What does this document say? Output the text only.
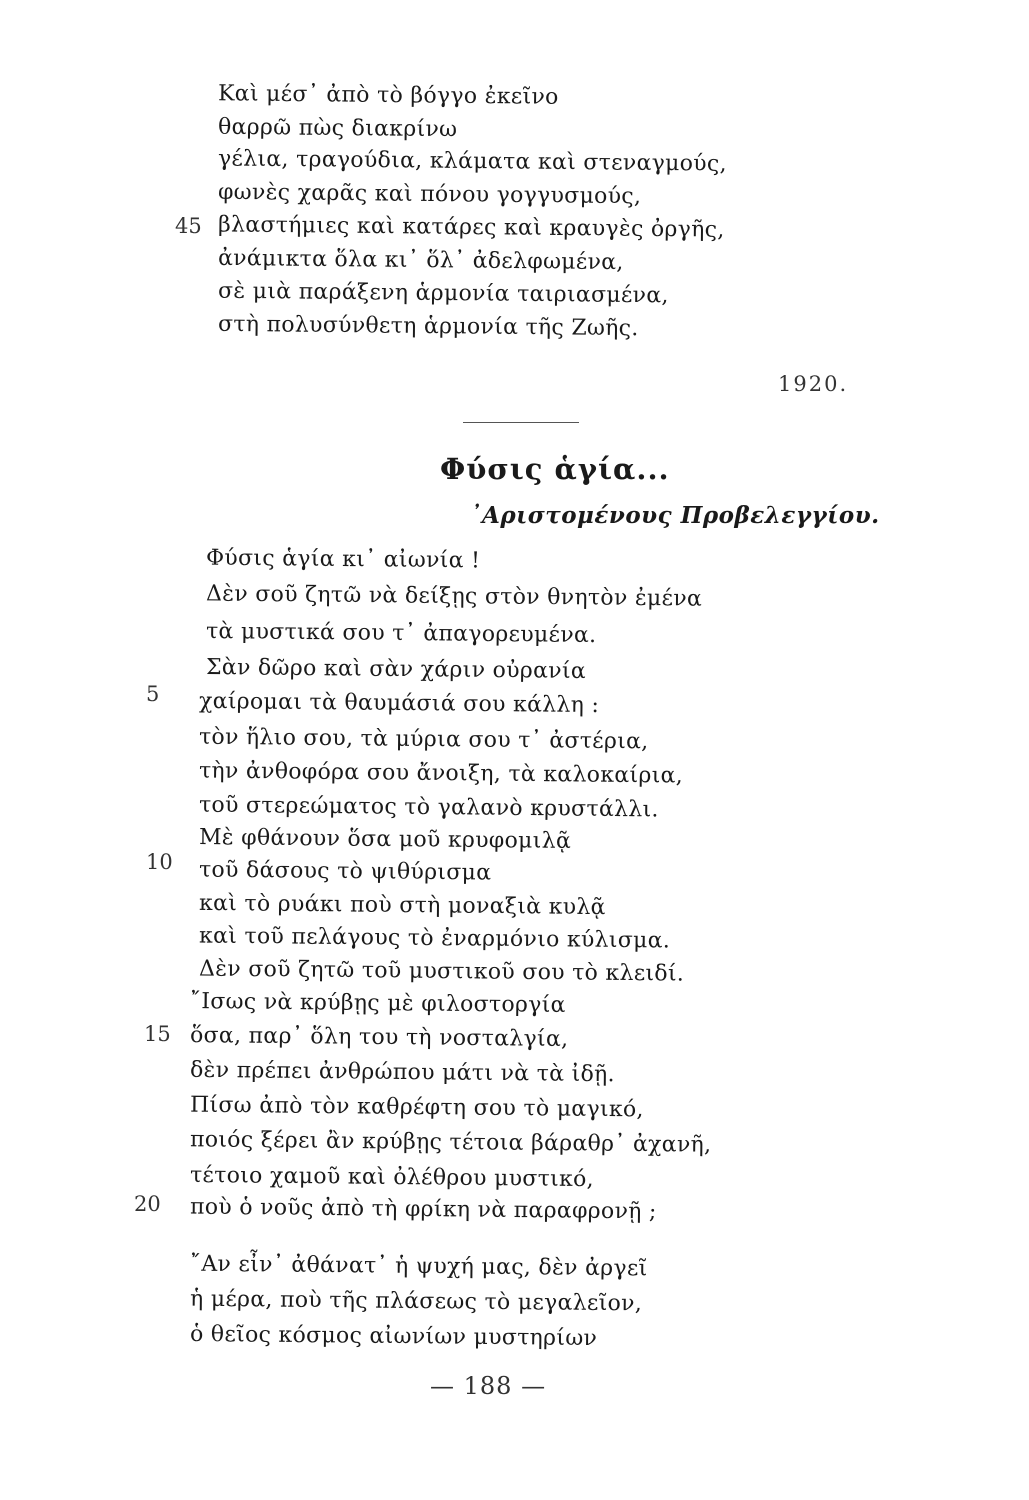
Καὶ μέσ᾿ ἀπὸ τὸ βόγγο ἐκεῖνο
θαρρῶ πὼς διακρίνω
γέλια, τραγούδια, κλάματα καὶ στεναγμούς,
φωνὲς χαρᾶς καὶ πόνου γογγυσμούς,
45 βλαστήμιες καὶ κατάρες καὶ κραυγὲς ὀργῆς,
ἀνάμικτα ὅλα κι᾿ ὅλ᾿ ἀδελφωμένα,
σὲ μιὰ παράξενη ἁρμονία ταιριασμένα,
στὴ πολυσύνθετη ἁρμονία τῆς Ζωῆς.
1920.
Φύσις ἁγία...
᾿Αριστομένους Προβελεγγίου.
Φύσις ἁγία κι᾿ αἰωνία !
Δὲν σοῦ ζητῶ νὰ δείξῃς στὸν θνητὸν ἐμένα
τὰ μυστικά σου τ᾿ ἀπαγορευμένα.
Σὰν δῶρο καὶ σὰν χάριν οὐρανία
5 χαίρομαι τὰ θαυμάσιά σου κάλλη :
τὸν ἥλιο σου, τὰ μύρια σου τ᾿ ἀστέρια,
τὴν ἀνθοφόρα σου ἄνοιξη, τὰ καλοκαίρια,
τοῦ στερεώματος τὸ γαλανὸ κρυστάλλι.
Μὲ φθάνουν ὅσα μοῦ κρυφομιλᾷ
10 τοῦ δάσους τὸ ψιθύρισμα
καὶ τὸ ρυάκι ποὺ στὴ μοναξιὰ κυλᾷ
καὶ τοῦ πελάγους τὸ ἐναρμόνιο κύλισμα.
Δὲν σοῦ ζητῶ τοῦ μυστικοῦ σου τὸ κλειδί.
῎Ισως νὰ κρύβῃς μὲ φιλοστοργία
15 ὅσα, παρ᾿ ὅλη του τὴ νοσταλγία,
δὲν πρέπει ἀνθρώπου μάτι νὰ τὰ ἰδῇ.
Πίσω ἀπὸ τὸν καθρέφτη σου τὸ μαγικό,
ποιός ξέρει ἂν κρύβῃς τέτοια βάραθρ᾿ ἀχανῆ,
τέτοιο χαμοῦ καὶ ὀλέθρου μυστικό,
20 ποὺ ὁ νοῦς ἀπὸ τὴ φρίκη νὰ παραφρονῇ ;
῎Αν εἶν᾿ ἀθάνατ᾿ ἡ ψυχή μας, δὲν ἀργεῖ
ἡ μέρα, ποὺ τῆς πλάσεως τὸ μεγαλεῖον,
ὁ θεῖος κόσμος αἰωνίων μυστηρίων
— 188 —
